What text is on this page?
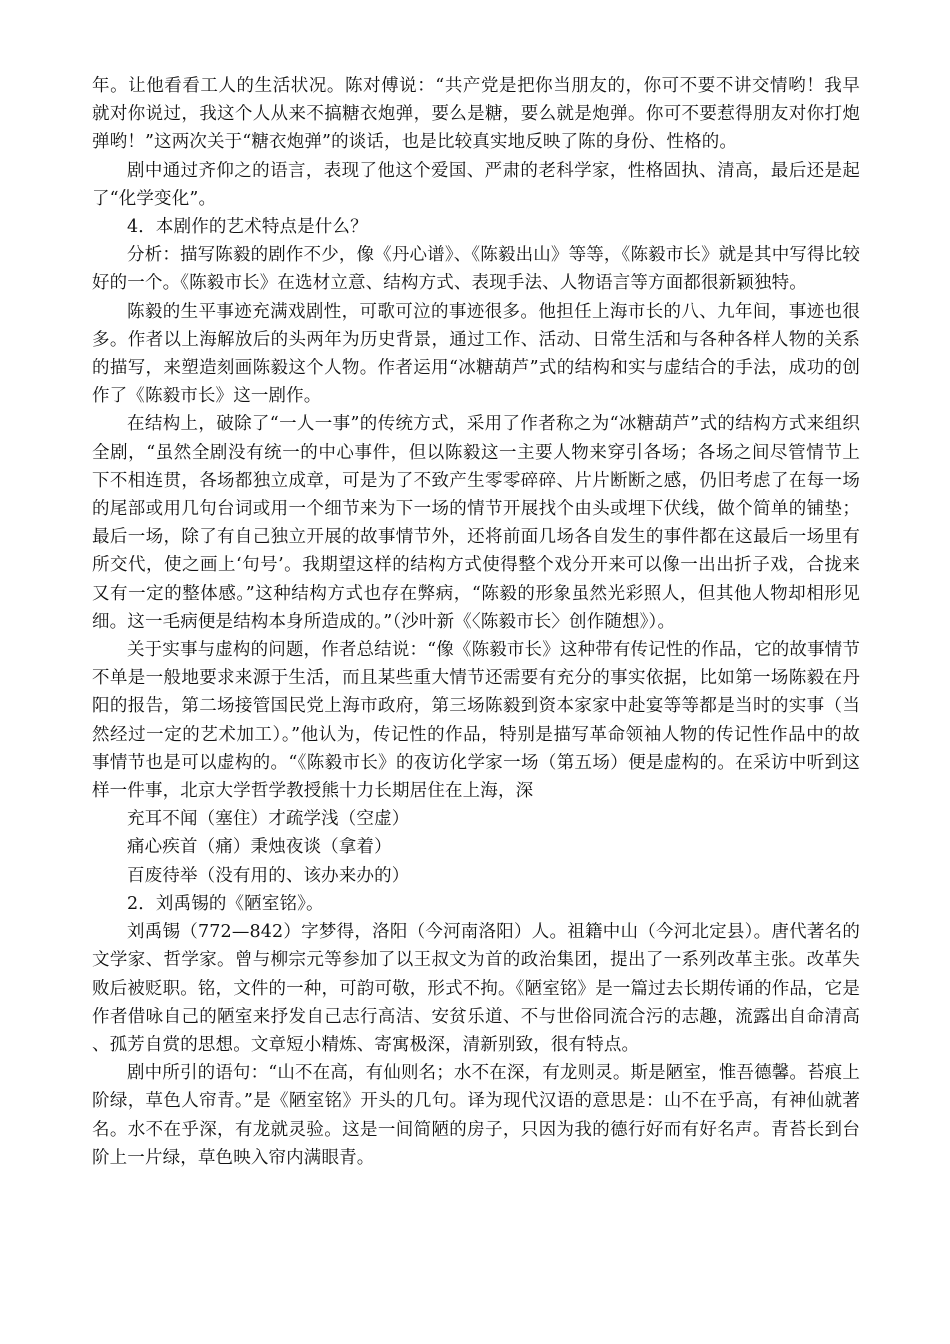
年。让他看看工人的生活状况。陈对傅说：“共产党是把你当朋友的，你可不要不讲交情哟！我早就对你说过，我这个人从来不搞糖衣炮弹，要么是糖，要么就是炮弹。你可不要惹得朋友对你打炮弹哟！”这两次关于“糖衣炮弹”的谈话，也是比较真实地反映了陈的身份、性格的。

剧中通过齐仰之的语言，表现了他这个爱国、严肃的老科学家，性格固执、清高，最后还是起了“化学变化”。

4．本剧作的艺术特点是什么？

分析：描写陈毅的剧作不少，像《丹心谱》、《陈毅出山》等等，《陈毅市长》就是其中写得比较好的一个。《陈毅市长》在选材立意、结构方式、表现手法、人物语言等方面都很新颖独特。

陈毅的生平事迹充满戏剧性，可歌可泣的事迹很多。他担任上海市长的八、九年间，事迹也很多。作者以上海解放后的头两年为历史背景，通过工作、活动、日常生活和与各种各样人物的关系的描写，来塑造刻画陈毅这个人物。作者运用“冰糖葫芦”式的结构和实与虚结合的手法，成功的创作了《陈毅市长》这一剧作。

在结构上，破除了“一人一事”的传统方式，采用了作者称之为“冰糖葫芦”式的结构方式来组织全剧，“虽然全剧没有统一的中心事件，但以陈毅这一主要人物来穿引各场；各场之间尽管情节上下不相连贯，各场都独立成章，可是为了不致产生零零碎碎、片片断断之感，仍旧考虑了在每一场的尾部或用几句台词或用一个细节来为下一场的情节开展找个由头或埋下伏线，做个简单的铺垫；最后一场，除了有自己独立开展的故事情节外，还将前面几场各自发生的事件都在这最后一场里有所交代，使之画上‘句号’。我期望这样的结构方式使得整个戏分开来可以像一出出折子戏，合拢来又有一定的整体感。”这种结构方式也存在弊病，“陈毅的形象虽然光彩照人，但其他人物却相形见细。这一毛病便是结构本身所造成的。”（沙叶新《〈陈毅市长〉创作随想》）。

关于实事与虚构的问题，作者总结说：“像《陈毅市长》这种带有传记性的作品，它的故事情节不单是一般地要求来源于生活，而且某些重大情节还需要有充分的事实依据，比如第一场陈毅在丹阳的报告，第二场接管国民党上海市政府，第三场陈毅到资本家家中赴宴等等都是当时的实事（当然经过一定的艺术加工）。”他认为，传记性的作品，特别是描写革命领袖人物的传记性作品中的故事情节也是可以虚构的。“《陈毅市长》的夜访化学家一场（第五场）便是虚构的。在采访中听到这样一件事，北京大学哲学教授熊十力长期居住在上海，深

充耳不闻（塞住）才疏学浅（空虚）

痛心疾首（痛）秉烛夜谈（拿着）

百废待举（没有用的、该办来办的）

2．刘禹锡的《陋室铭》。

刘禹锡（772—842）字梦得，洛阳（今河南洛阳）人。祖籍中山（今河北定县）。唐代著名的文学家、哲学家。曾与柳宗元等参加了以王叔文为首的政治集团，提出了一系列改革主张。改革失败后被贬职。铭，文件的一种，可韵可敬，形式不拘。《陋室铭》是一篇过去长期传诵的作品，它是作者借咏自己的陋室来抒发自己志行高洁、安贫乐道、不与世俗同流合污的志趣，流露出自命清高、孤芳自赏的思想。文章短小精炼、寄寓极深，清新别致，很有特点。

剧中所引的语句：“山不在高，有仙则名；水不在深，有龙则灵。斯是陋室，惟吾德馨。苔痕上阶绿，草色人帘青。”是《陋室铭》开头的几句。译为现代汉语的意思是：山不在乎高，有神仙就著名。水不在乎深，有龙就灵验。这是一间简陋的房子，只因为我的德行好而有好名声。青苔长到台阶上一片绿，草色映入帘内满眼青。
